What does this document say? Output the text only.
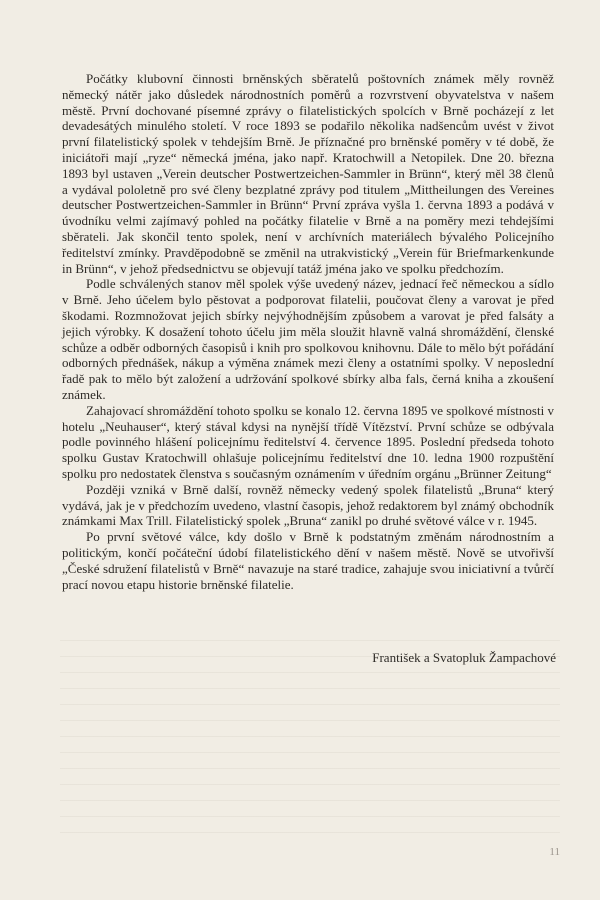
Počátky klubovní činnosti brněnských sběratelů poštovních známek měly rovněž německý nátěr jako důsledek národnostních poměrů a rozvrstvení obyvatelstva v našem městě. První dochované písemné zprávy o filatelistických spolcích v Brně pocházejí z let devadesátých minulého století. V roce 1893 se podařilo několika nadšencům uvést v život první filatelistický spolek v tehdejším Brně. Je příznačné pro brněnské poměry v té době, že iniciátoři mají „ryze“ německá jména, jako např. Kratochwill a Netopilek. Dne 20. března 1893 byl ustaven „Verein deutscher Postwertzeichen-Sammler in Brünn“, který měl 38 členů a vydával pololetně pro své členy bezplatné zprávy pod titulem „Mittheilungen des Vereines deutscher Postwertzeichen-Sammler in Brünn“ První zpráva vyšla 1. června 1893 a podává v úvodníku velmi zajímavý pohled na počátky filatelie v Brně a na poměry mezi tehdejšími sběrateli. Jak skončil tento spolek, není v archívních materiálech bývalého Policejního ředitelství zmínky. Pravděpodobně se změnil na utrakvistický „Verein für Briefmarkenkunde in Brünn“, v jehož předsednictvu se objevují tatáž jména jako ve spolku předchozím.

Podle schválených stanov měl spolek výše uvedený název, jednací řeč německou a sídlo v Brně. Jeho účelem bylo pěstovat a podporovat filatelii, poučovat členy a varovat je před škodami. Rozmnožovat jejich sbírky nejvýhodnějším způsobem a varovat je před falsáty a jejich výrobky. K dosažení tohoto účelu jim měla sloužit hlavně valná shromáždění, členské schůze a odběr odborných časopisů i knih pro spolkovou knihovnu. Dále to mělo být pořádání odborných přednášek, nákup a výměna známek mezi členy a ostatními spolky. V neposlední řadě pak to mělo být založení a udržování spolkové sbírky alba fals, černá kniha a zkoušení známek.

Zahajovací shromáždění tohoto spolku se konalo 12. června 1895 ve spolkové místnosti v hotelu „Neuhauser“, který stával kdysi na nynější třídě Vítězství. První schůze se odbývala podle povinného hlášení policejnímu ředitelství 4. července 1895. Poslední předseda tohoto spolku Gustav Kratochwill ohlašuje policejnímu ředitelství dne 10. ledna 1900 rozpuštění spolku pro nedostatek členstva s současným oznámením v úředním orgánu „Brünner Zeitung“

Později vzniká v Brně další, rovněž německy vedený spolek filatelistů „Bruna“ který vydává, jak je v předchozím uvedeno, vlastní časopis, jehož redaktorem byl známý obchodník známkami Max Trill. Filatelistický spolek „Bruna“ zanikl po druhé světové válce v r. 1945.

Po první světové válce, kdy došlo v Brně k podstatným změnám národnostním a politickým, končí počáteční údobí filatelistického dění v našem městě. Nově se utvořivší „České sdružení filatelistů v Brně“ navazuje na staré tradice, zahajuje svou iniciativní a tvůrčí prací novou etapu historie brněnské filatelie.

František a Svatopluk Žampachové
11
